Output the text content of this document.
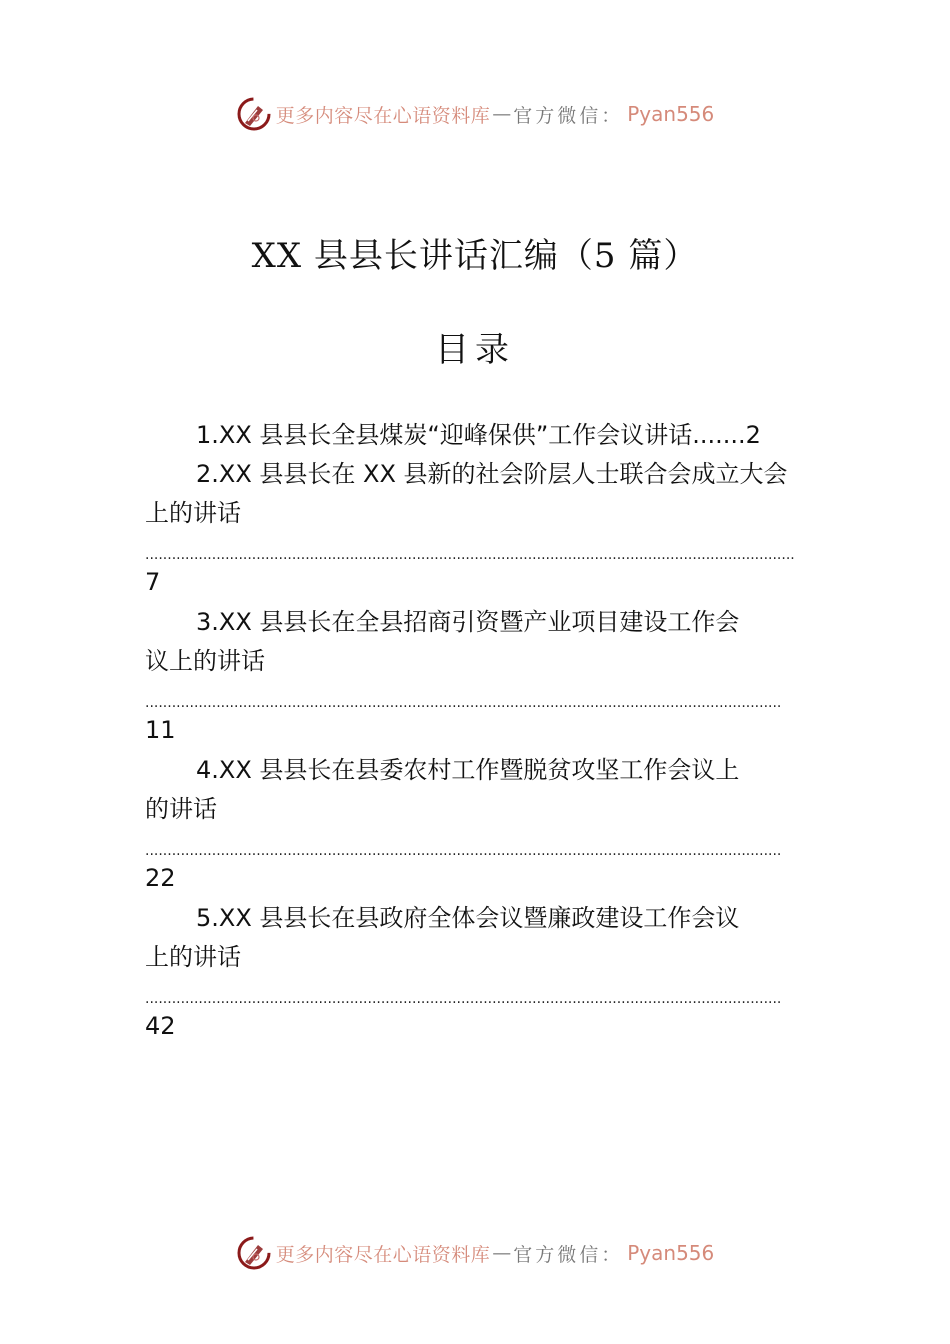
更多内容尽在心语资料库 — 官方微信： Pyan556
XX 县县长讲话汇编（5 篇）
目录
1.XX 县县长全县煤炭“迎峰保供”工作会议讲话.......2
2.XX 县县长在 XX 县新的社会阶层人士联合会成立大会
上的讲话
..................................................................................................................................................
7
3.XX 县县长在全县招商引资暨产业项目建设工作会
议上的讲话
...............................................................................................................................................
11
4.XX 县县长在县委农村工作暨脱贫攻坚工作会议上
的讲话
...............................................................................................................................................
22
5.XX 县县长在县政府全体会议暨廉政建设工作会议
上的讲话
...............................................................................................................................................
42
更多内容尽在心语资料库 — 官方微信： Pyan556
